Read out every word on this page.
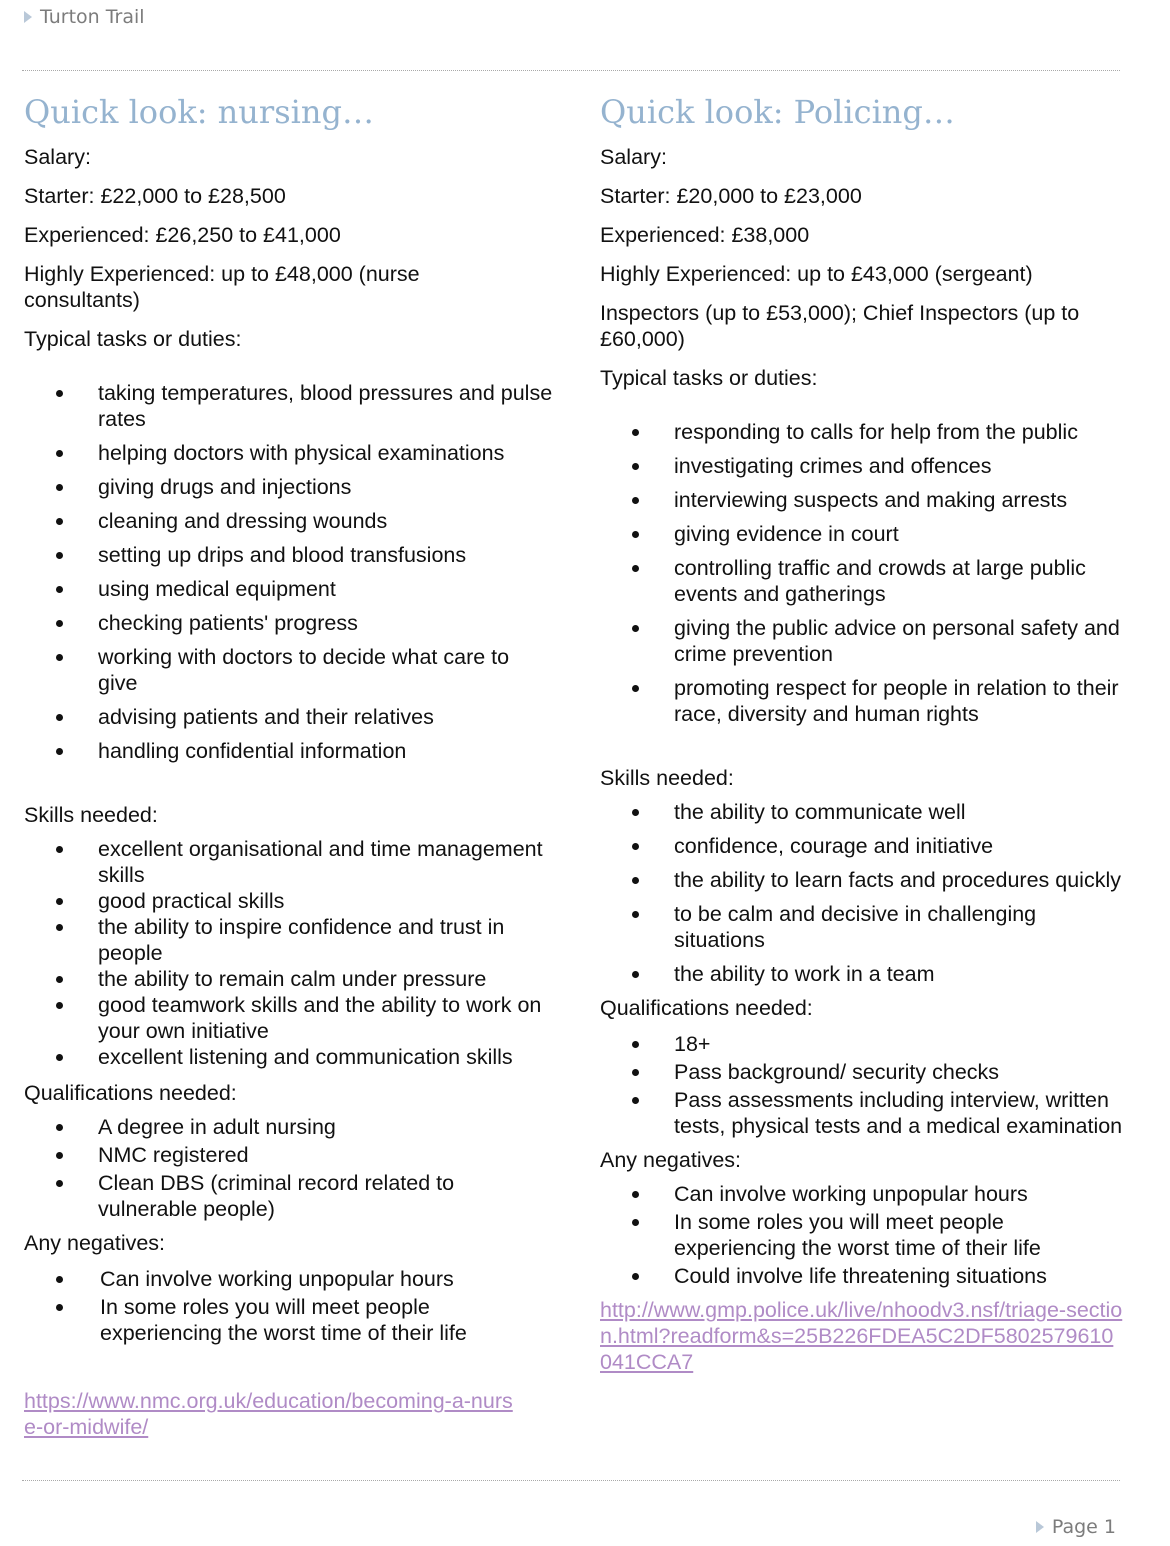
Turton Trail
Quick look: nursing…

Salary:

Starter: £22,000 to £28,500

Experienced: £26,250 to £41,000

Highly Experienced: up to £48,000 (nurse consultants)

Typical tasks or duties:

taking temperatures, blood pressures and pulse rates
helping doctors with physical examinations
giving drugs and injections
cleaning and dressing wounds
setting up drips and blood transfusions
using medical equipment
checking patients' progress
working with doctors to decide what care to give
advising patients and their relatives
handling confidential information

Skills needed:

excellent organisational and time management skills
good practical skills
the ability to inspire confidence and trust in people
the ability to remain calm under pressure
good teamwork skills and the ability to work on your own initiative
excellent listening and communication skills

Qualifications needed:

A degree in adult nursing
NMC registered
Clean DBS (criminal record related to vulnerable people)

Any negatives:

Can involve working unpopular hours
In some roles you will meet people experiencing the worst time of their life
https://www.nmc.org.uk/education/becoming-a-nurse-or-midwife/
Quick look: Policing…

Salary:

Starter: £20,000 to £23,000

Experienced: £38,000

Highly Experienced: up to £43,000 (sergeant)

Inspectors (up to £53,000); Chief Inspectors (up to £60,000)

Typical tasks or duties:

responding to calls for help from the public
investigating crimes and offences
interviewing suspects and making arrests
giving evidence in court
controlling traffic and crowds at large public events and gatherings
giving the public advice on personal safety and crime prevention
promoting respect for people in relation to their race, diversity and human rights

Skills needed:

the ability to communicate well
confidence, courage and initiative
the ability to learn facts and procedures quickly
to be calm and decisive in challenging situations
the ability to work in a team

Qualifications needed:

18+
Pass background/ security checks
Pass assessments including interview, written tests, physical tests and a medical examination

Any negatives:

Can involve working unpopular hours
In some roles you will meet people experiencing the worst time of their life
Could involve life threatening situations
http://www.gmp.police.uk/live/nhoodv3.nsf/triage-section.html?readform&s=25B226FDEA5C2DF5802579610041CCA7
Page 1
